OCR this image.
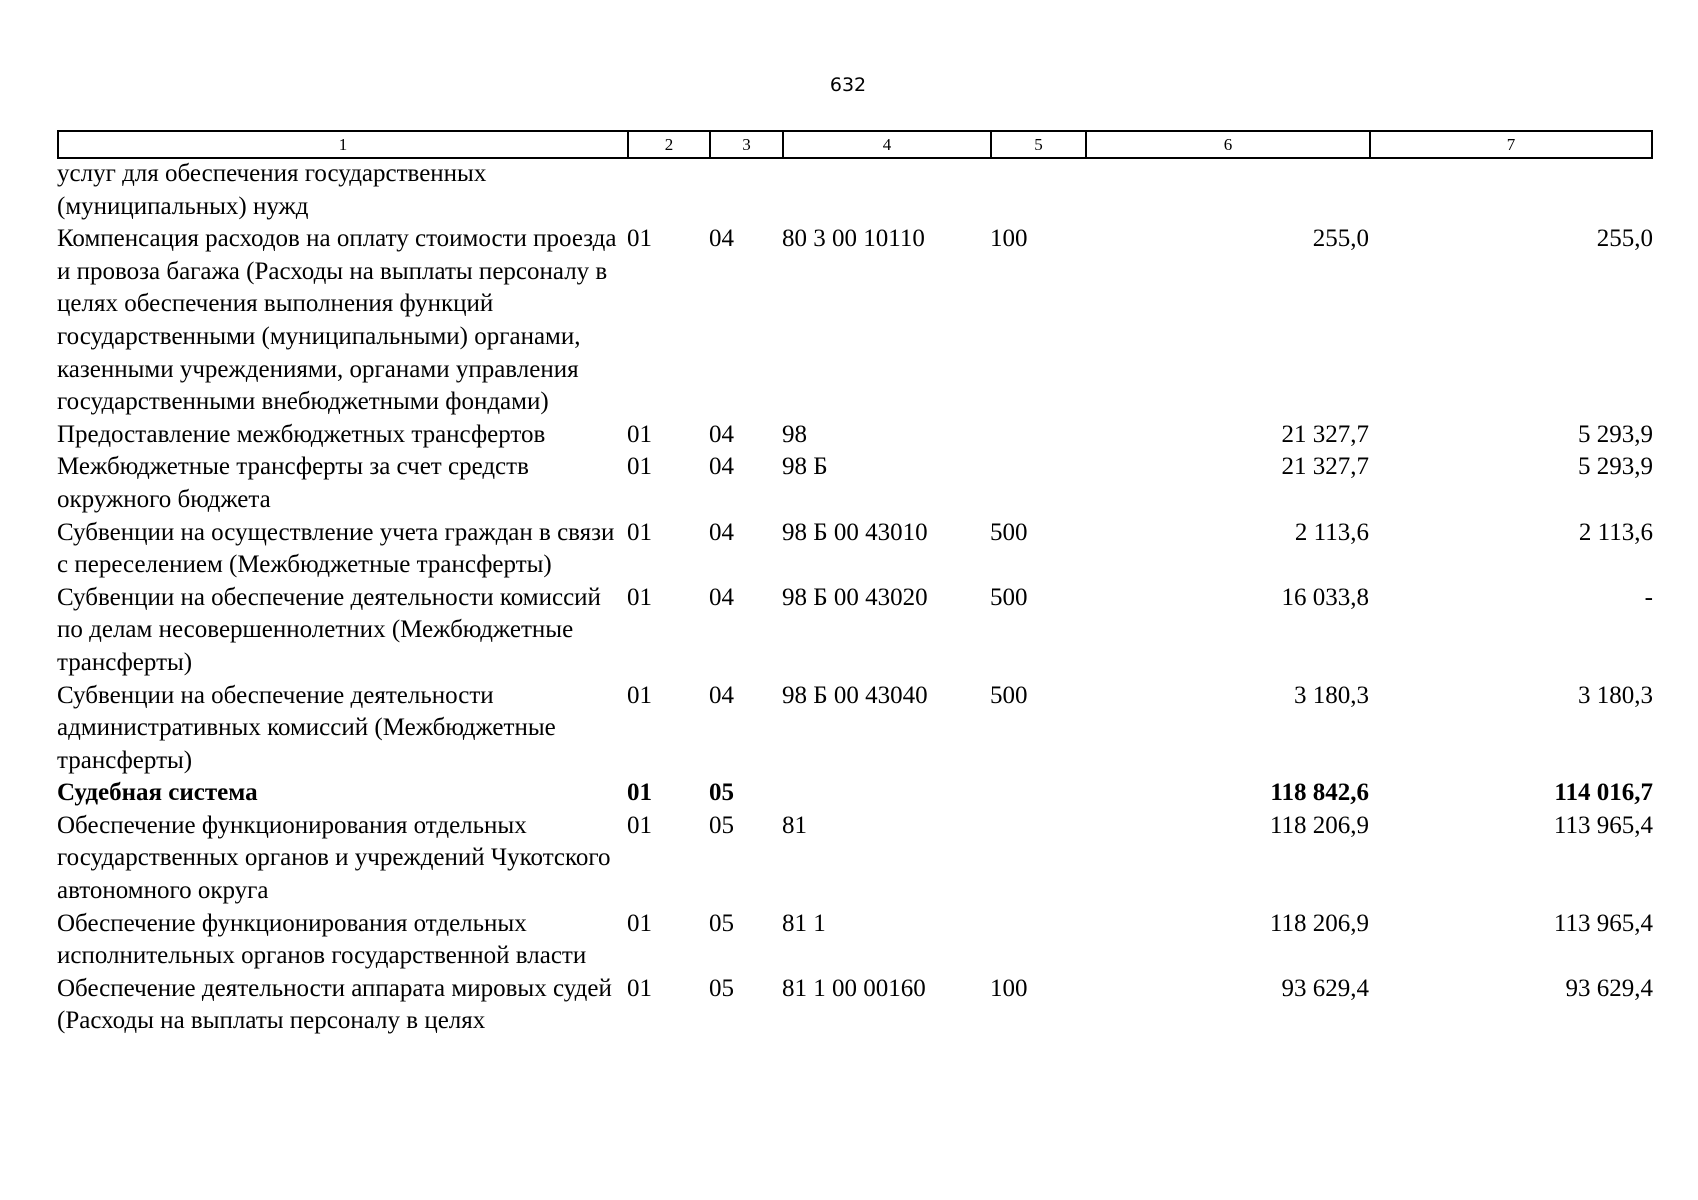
632
1	2	3	4	5	6	7
услуг для обеспечения государственных (муниципальных) нужд						
Компенсация расходов на оплату стоимости проезда и провоза багажа (Расходы на выплаты персоналу в целях обеспечения выполнения функций государственными (муниципальными) органами, казенными учреждениями, органами управления государственными внебюджетными фондами)	01	04	80 3 00 10110	100	255,0	255,0
Предоставление межбюджетных трансфертов	01	04	98		21 327,7	5 293,9
Межбюджетные трансферты за счет средств окружного бюджета	01	04	98 Б		21 327,7	5 293,9
Субвенции на осуществление учета граждан в связи с переселением (Межбюджетные трансферты)	01	04	98 Б 00 43010	500	2 113,6	2 113,6
Субвенции на обеспечение деятельности комиссий по делам несовершеннолетних (Межбюджетные трансферты)	01	04	98 Б 00 43020	500	16 033,8	-
Субвенции на обеспечение деятельности административных комиссий (Межбюджетные трансферты)	01	04	98 Б 00 43040	500	3 180,3	3 180,3
Судебная система	01	05			118 842,6	114 016,7
Обеспечение функционирования отдельных государственных органов и учреждений Чукотского автономного округа	01	05	81		118 206,9	113 965,4
Обеспечение функционирования отдельных исполнительных органов государственной власти	01	05	81 1		118 206,9	113 965,4
Обеспечение деятельности аппарата мировых судей (Расходы на выплаты персоналу в целях	01	05	81 1 00 00160	100	93 629,4	93 629,4
